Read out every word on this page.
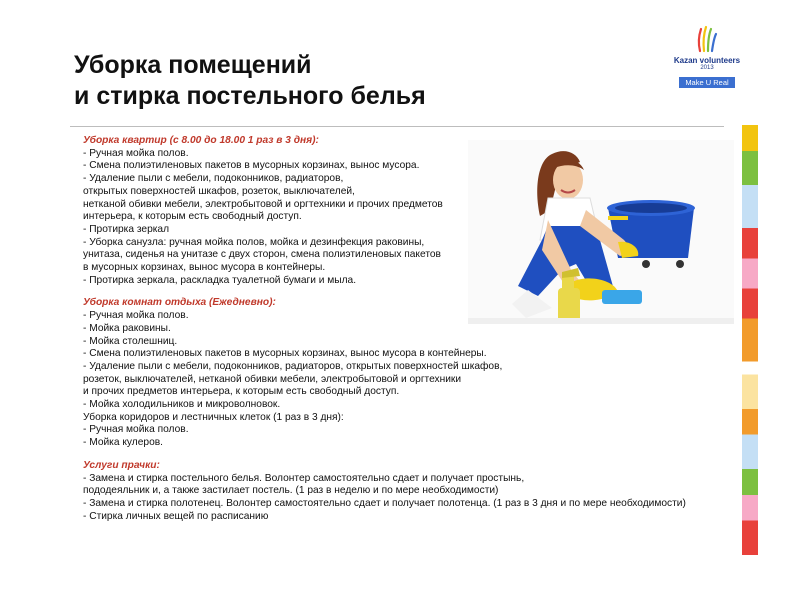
Уборка помещений
и стирка постельного белья
Kazan volunteers
2013
Make U Real
Уборка квартир (с 8.00 до 18.00 1 раз в 3 дня):
- Ручная мойка полов.
- Смена полиэтиленовых пакетов в мусорных корзинах, вынос мусора.
- Удаление пыли с мебели, подоконников, радиаторов,
открытых поверхностей шкафов, розеток, выключателей,
нетканой обивки мебели, электробытовой и оргтехники и прочих предметов
интерьера, к которым есть свободный доступ.
- Протирка зеркал
- Уборка санузла: ручная мойка полов, мойка и дезинфекция раковины,
унитаза, сиденья на унитазе с двух сторон, смена полиэтиленовых пакетов
в мусорных корзинах, вынос мусора в контейнеры.
- Протирка зеркала, раскладка туалетной бумаги и мыла.
Уборка комнат отдыха (Ежедневно):
- Ручная мойка полов.
- Мойка раковины.
- Мойка столешниц.
- Смена полиэтиленовых пакетов в мусорных корзинах, вынос мусора в контейнеры.
- Удаление пыли с мебели, подоконников, радиаторов, открытых поверхностей шкафов,
розеток, выключателей, нетканой обивки мебели, электробытовой и оргтехники
и прочих предметов интерьера, к которым есть свободный доступ.
- Мойка холодильников и микроволновок.
Уборка коридоров и лестничных клеток (1 раз в 3 дня):
- Ручная мойка полов.
- Мойка кулеров.
Услуги прачки:
- Замена и стирка постельного белья. Волонтер самостоятельно сдает и получает простынь,
пододеяльник и, а также застилает постель. (1 раз в неделю и по мере необходимости)
- Замена и стирка полотенец. Волонтер самостоятельно сдает и получает полотенца. (1 раз в 3 дня и по мере необходимости)
- Стирка личных вещей по расписанию
